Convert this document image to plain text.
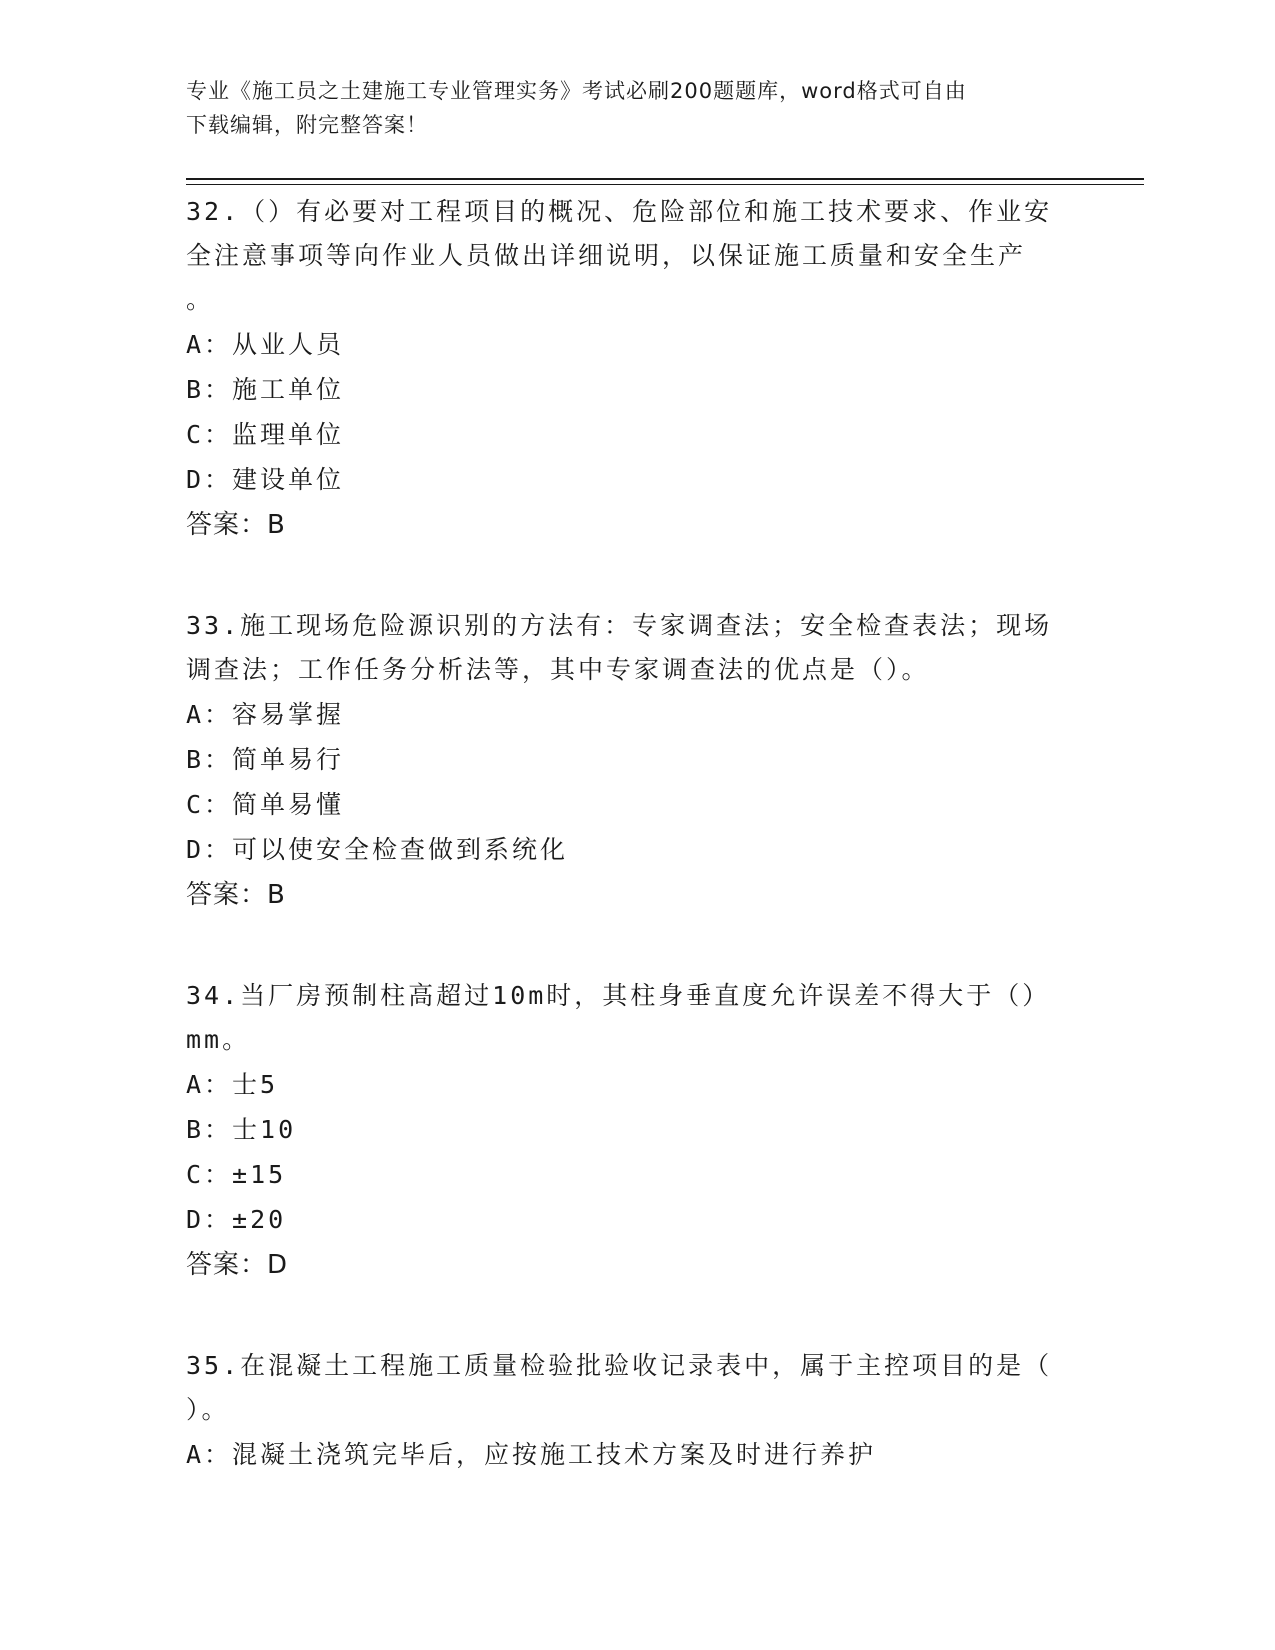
专业《施工员之土建施工专业管理实务》考试必刷200题题库，word格式可自由
下载编辑，附完整答案！

32.（）有必要对工程项目的概况、危险部位和施工技术要求、作业安

全注意事项等向作业人员做出详细说明，以保证施工质量和安全生产

。

A：从业人员

B：施工单位

C：监理单位

D：建设单位

答案：B

33.施工现场危险源识别的方法有：专家调查法；安全检查表法；现场

调查法；工作任务分析法等，其中专家调查法的优点是（）。

A：容易掌握

B：简单易行

C：简单易懂

D：可以使安全检查做到系统化

答案：B

34.当厂房预制柱高超过10m时，其柱身垂直度允许误差不得大于（）

mm。

A：士5

B：士10

C：±15

D：±20

答案：D

35.在混凝土工程施工质量检验批验收记录表中，属于主控项目的是（

）。

A：混凝土浇筑完毕后，应按施工技术方案及时进行养护
